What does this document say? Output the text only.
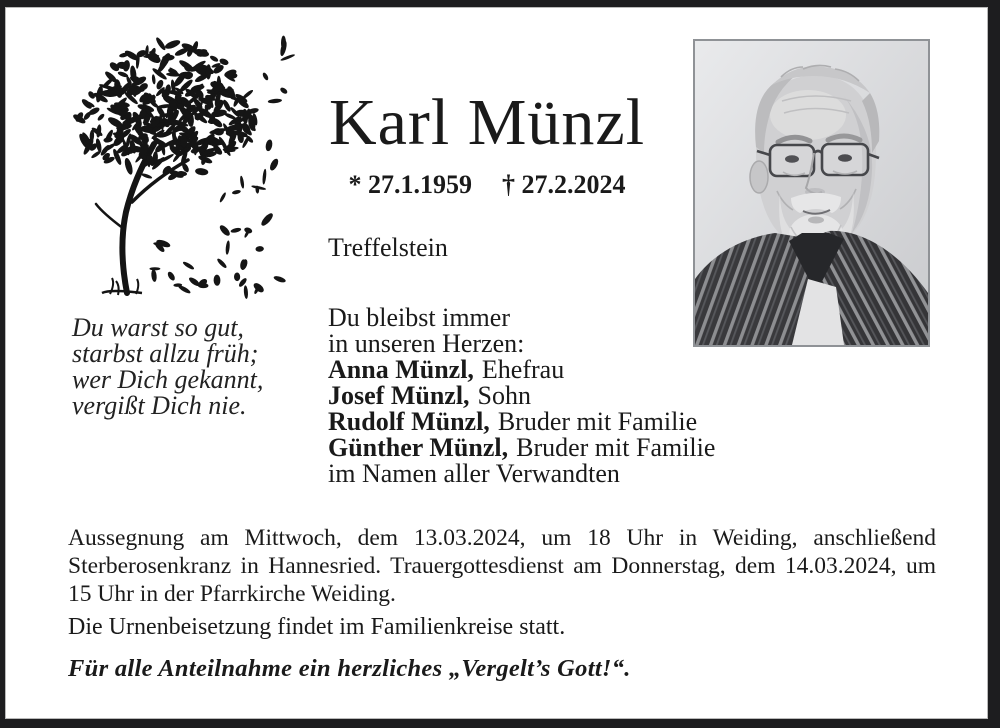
Karl Münzl
* 27.1.1959 † 27.2.2024
Treffelstein
Du warst so gut,
starbst allzu früh;
wer Dich gekannt,
vergißt Dich nie.
Du bleibst immer
in unseren Herzen:
Anna Münzl, Ehefrau
Josef Münzl, Sohn
Rudolf Münzl, Bruder mit Familie
Günther Münzl, Bruder mit Familie
im Namen aller Verwandten
Aussegnung am Mittwoch, dem 13.03.2024, um 18 Uhr in Weiding, anschließend Sterberosenkranz in Hannesried. Trauergottesdienst am Donnerstag, dem 14.03.2024, um 15 Uhr in der Pfarrkirche Weiding.
Die Urnenbeisetzung findet im Familienkreise statt.
Für alle Anteilnahme ein herzliches „Vergelt’s Gott!“.
